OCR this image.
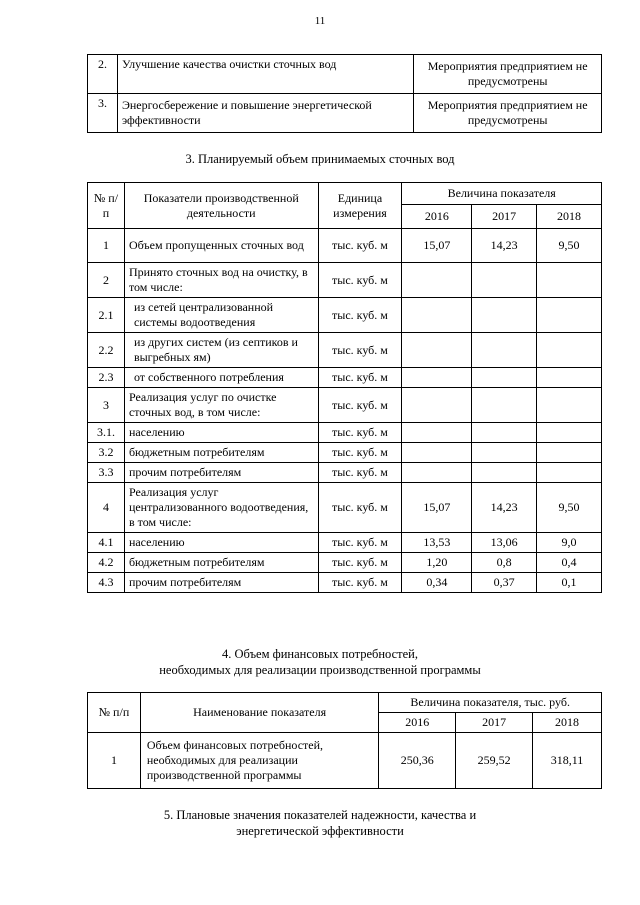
11
2.	Улучшение качества очистки сточных вод	Мероприятия предприятием не предусмотрены
3.	Энергосбережение и повышение энергетической эффективности	Мероприятия предприятием не предусмотрены
3. Планируемый объем принимаемых сточных вод
№ п/п	Показатели производственной деятельности	Единица измерения	Величина показателя		
			2016	2017	2018
1	Объем пропущенных сточных вод	тыс. куб. м	15,07	14,23	9,50
2	Принято сточных вод на очистку, в том числе:	тыс. куб. м			
2.1	из сетей централизованной системы водоотведения	тыс. куб. м			
2.2	из других систем (из септиков и выгребных ям)	тыс. куб. м			
2.3	от собственного потребления	тыс. куб. м			
3	Реализация услуг по очистке сточных вод, в том числе:	тыс. куб. м			
3.1.	населению	тыс. куб. м			
3.2	бюджетным потребителям	тыс. куб. м			
3.3	прочим потребителям	тыс. куб. м			
4	Реализация услуг централизованного водоотведения, в том числе:	тыс. куб. м	15,07	14,23	9,50
4.1	населению	тыс. куб. м	13,53	13,06	9,0
4.2	бюджетным потребителям	тыс. куб. м	1,20	0,8	0,4
4.3	прочим потребителям	тыс. куб. м	0,34	0,37	0,1
4. Объем финансовых потребностей,
необходимых для реализации производственной программы
№ п/п	Наименование показателя	Величина показателя, тыс. руб.		
		2016	2017	2018
1	Объем финансовых потребностей, необходимых для реализации производственной программы	250,36	259,52	318,11
5. Плановые значения показателей надежности, качества и
энергетической эффективности
